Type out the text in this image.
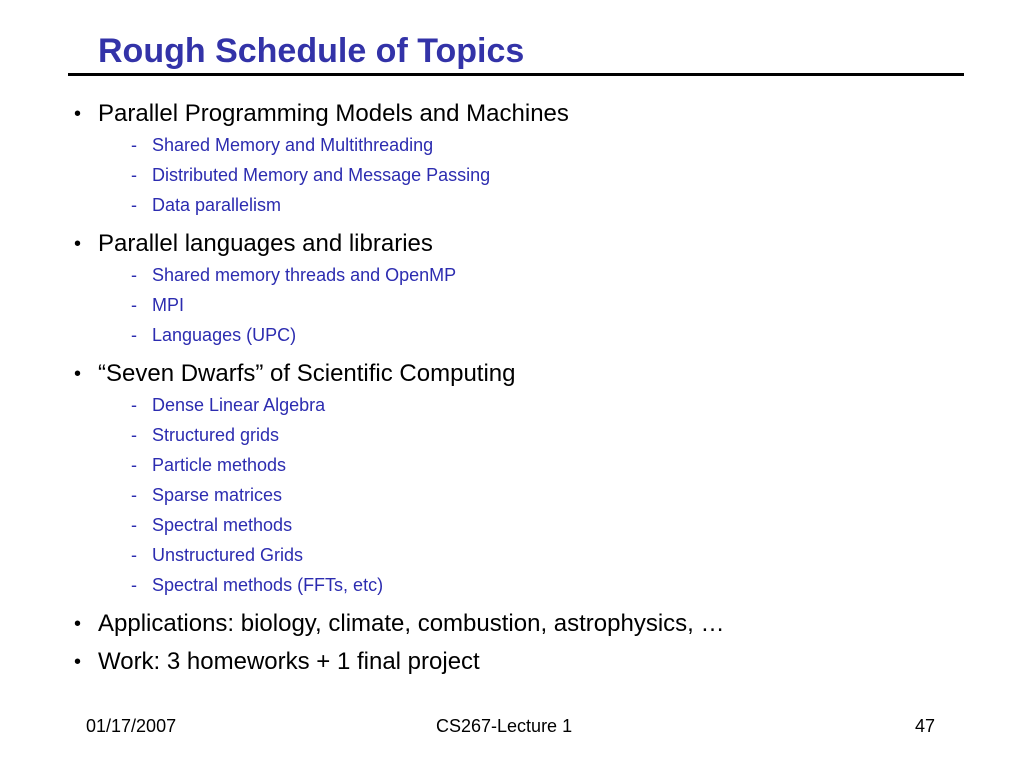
Rough Schedule of Topics
• Parallel Programming Models and Machines
- Shared Memory and Multithreading
- Distributed Memory and Message Passing
- Data parallelism
• Parallel languages and libraries
- Shared memory threads and OpenMP
- MPI
- Languages (UPC)
• “Seven Dwarfs” of Scientific Computing
- Dense Linear Algebra
- Structured grids
- Particle methods
- Sparse matrices
- Spectral methods
- Unstructured Grids
- Spectral methods (FFTs, etc)
• Applications: biology, climate, combustion, astrophysics, …
• Work: 3 homeworks + 1 final project
01/17/2007	CS267-Lecture 1	47
